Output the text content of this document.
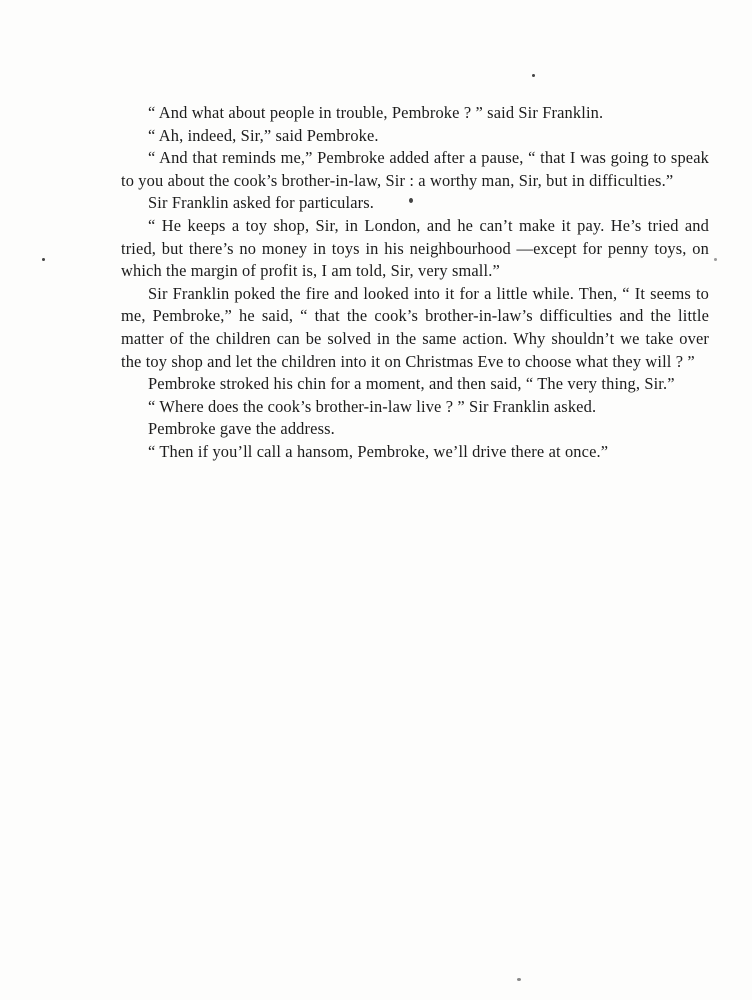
“ And what about people in trouble, Pembroke ? ” said Sir Franklin.

“ Ah, indeed, Sir,” said Pembroke.

“ And that reminds me,” Pembroke added after a pause, “ that I was going to speak to you about the cook’s brother-in-law, Sir : a worthy man, Sir, but in difficulties.”

Sir Franklin asked for particulars.

“ He keeps a toy shop, Sir, in London, and he can’t make it pay. He’s tried and tried, but there’s no money in toys in his neighbourhood —except for penny toys, on which the margin of profit is, I am told, Sir, very small.”

Sir Franklin poked the fire and looked into it for a little while. Then, “ It seems to me, Pembroke,” he said, “ that the cook’s brother-in-law’s difficulties and the little matter of the children can be solved in the same action. Why shouldn’t we take over the toy shop and let the children into it on Christmas Eve to choose what they will ? ”

Pembroke stroked his chin for a moment, and then said, “ The very thing, Sir.”

“ Where does the cook’s brother-in-law live ? ” Sir Franklin asked.

Pembroke gave the address.

“ Then if you’ll call a hansom, Pembroke, we’ll drive there at once.”
